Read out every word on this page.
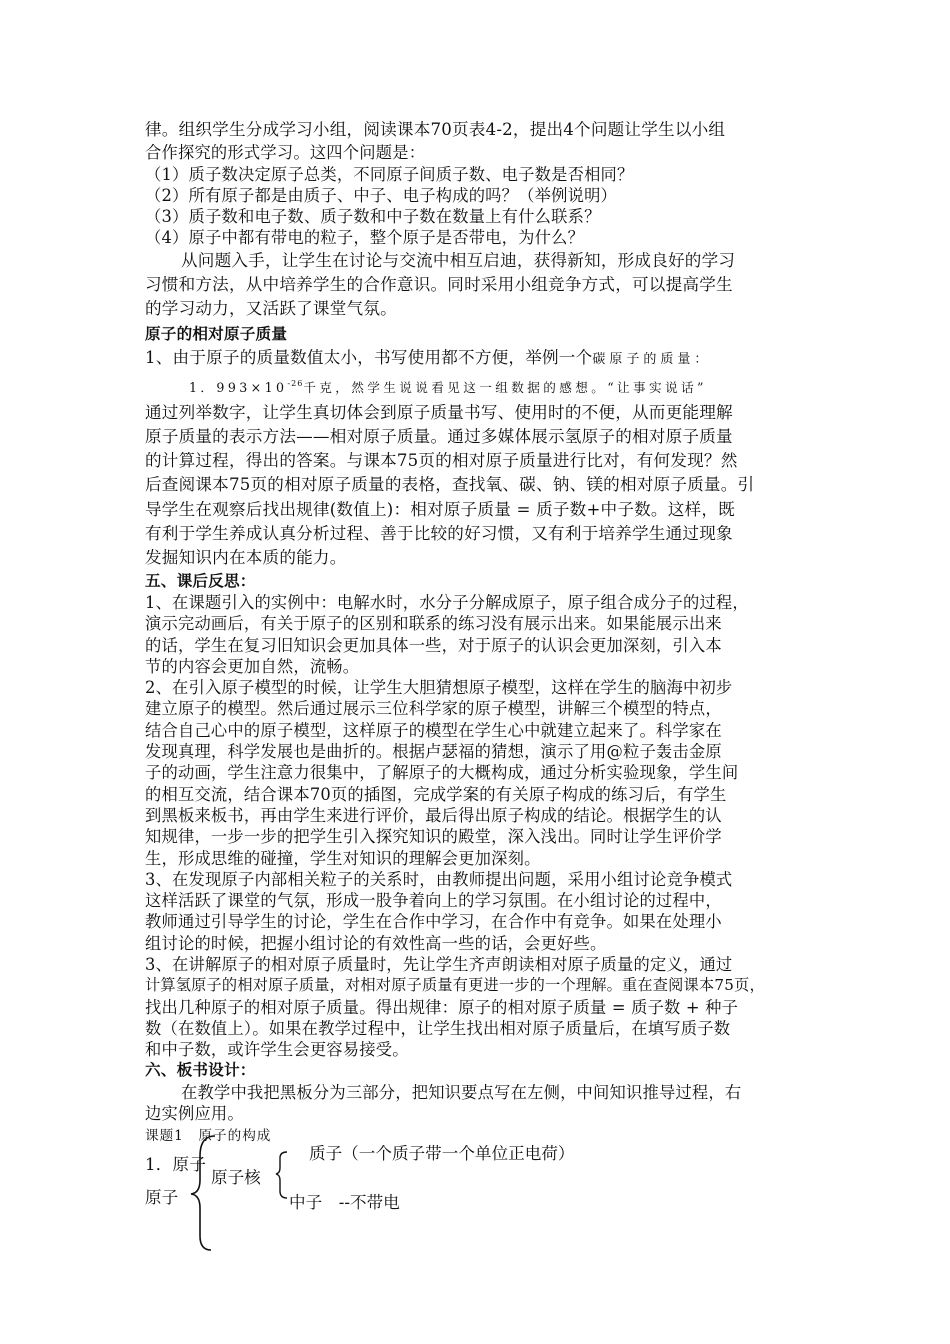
律。组织学生分成学习小组，阅读课本70页表4-2，提出4个问题让学生以小组
合作探究的形式学习。这四个问题是：
（1）质子数决定原子总类，不同原子间质子数、电子数是否相同？
（2）所有原子都是由质子、中子、电子构成的吗？（举例说明）
（3）质子数和电子数、质子数和中子数在数量上有什么联系？
（4）原子中都有带电的粒子，整个原子是否带电，为什么？
从问题入手，让学生在讨论与交流中相互启迪，获得新知，形成良好的学习
习惯和方法，从中培养学生的合作意识。同时采用小组竞争方式，可以提高学生
的学习动力，又活跃了课堂气氛。
原子的相对原子质量
1、由于原子的质量数值太小，书写使用都不方便，举例一个碳原子的质量：
1．$993\times 10^{-26}$千克，然学生说说看见这一组数据的感想。“让事实说话”
通过列举数字，让学生真切体会到原子质量书写、使用时的不便，从而更能理解
原子质量的表示方法——相对原子质量。通过多媒体展示氢原子的相对原子质量
的计算过程，得出的答案。与课本75页的相对原子质量进行比对，有何发现？然
后查阅课本75页的相对原子质量的表格，查找氧、碳、钠、镁的相对原子质量。引
导学生在观察后找出规律(数值上)：相对原子质量 = 质子数+中子数。这样，既
有利于学生养成认真分析过程、善于比较的好习惯，又有利于培养学生通过现象
发掘知识内在本质的能力。
五、课后反思：
1、在课题引入的实例中：电解水时，水分子分解成原子，原子组合成分子的过程，
演示完动画后，有关于原子的区别和联系的练习没有展示出来。如果能展示出来
的话，学生在复习旧知识会更加具体一些，对于原子的认识会更加深刻，引入本
节的内容会更加自然，流畅。
2、在引入原子模型的时候，让学生大胆猜想原子模型，这样在学生的脑海中初步
建立原子的模型。然后通过展示三位科学家的原子模型，讲解三个模型的特点，
结合自己心中的原子模型，这样原子的模型在学生心中就建立起来了。科学家在
发现真理，科学发展也是曲折的。根据卢瑟福的猜想，演示了用@粒子轰击金原
子的动画，学生注意力很集中，了解原子的大概构成，通过分析实验现象，学生间
的相互交流，结合课本70页的插图，完成学案的有关原子构成的练习后，有学生
到黑板来板书，再由学生来进行评价，最后得出原子构成的结论。根据学生的认
知规律，一步一步的把学生引入探究知识的殿堂，深入浅出。同时让学生评价学
生，形成思维的碰撞，学生对知识的理解会更加深刻。
3、在发现原子内部相关粒子的关系时，由教师提出问题，采用小组讨论竞争模式
这样活跃了课堂的气氛，形成一股争着向上的学习氛围。在小组讨论的过程中，
教师通过引导学生的讨论，学生在合作中学习，在合作中有竞争。如果在处理小
组讨论的时候，把握小组讨论的有效性高一些的话，会更好些。
3、在讲解原子的相对原子质量时，先让学生齐声朗读相对原子质量的定义，通过
计算氢原子的相对原子质量，对相对原子质量有更进一步的一个理解。重在查阅课本75页，
找出几种原子的相对原子质量。得出规律：原子的相对原子质量 = 质子数 + 种子
数（在数值上）。如果在教学过程中，让学生找出相对原子质量后，在填写质子数
和中子数，或许学生会更容易接受。
六、板书设计：
在教学中我把黑板分为三部分，把知识要点写在左侧，中间知识推导过程，右
边实例应用。
课题1　原子的构成
1．原子
原子
原子核
质子（一个质子带一个单位正电荷）
中子　--不带电
